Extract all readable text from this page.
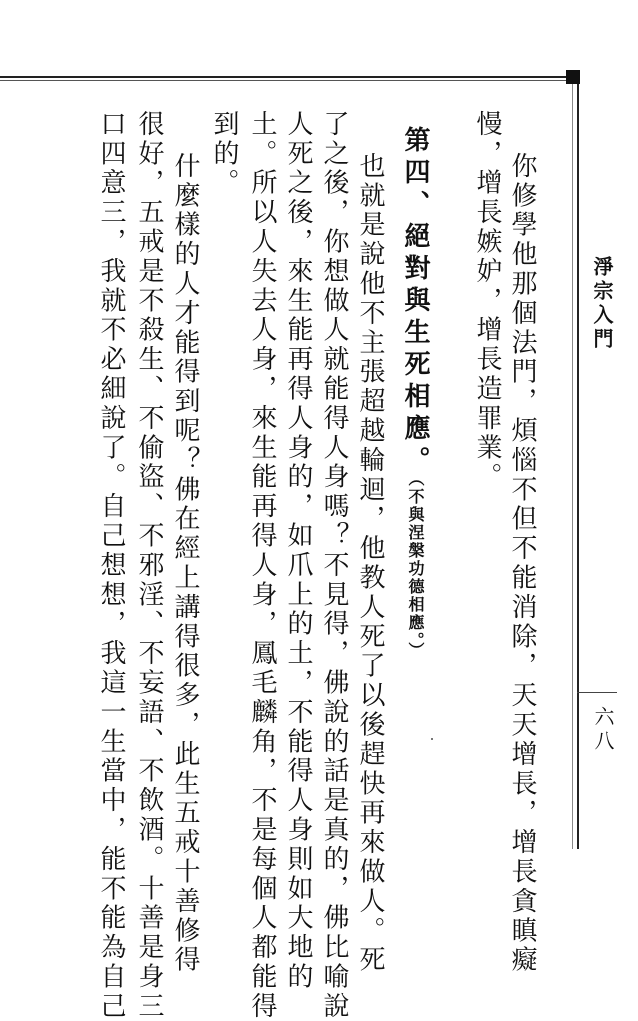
淨宗入門
六八
你修學他那個法門，煩惱不但不能消除，天天增長，增長貪瞋癡
慢，增長嫉妒，增長造罪業。
第四、絕對與生死相應。（不與涅槃功德相應。）
也就是說他不主張超越輪迴，他教人死了以後趕快再來做人。死
了之後，你想做人就能得人身嗎？不見得，佛說的話是真的，佛比喻說
人死之後，來生能再得人身的，如爪上的土，不能得人身則如大地的
土。所以人失去人身，來生能再得人身，鳳毛麟角，不是每個人都能得
到的。
什麼樣的人才能得到呢？佛在經上講得很多，此生五戒十善修得
很好，五戒是不殺生、不偷盜、不邪淫、不妄語、不飲酒。十善是身三
口四意三，我就不必細說了。自己想想，我這一生當中，能不能為自己
